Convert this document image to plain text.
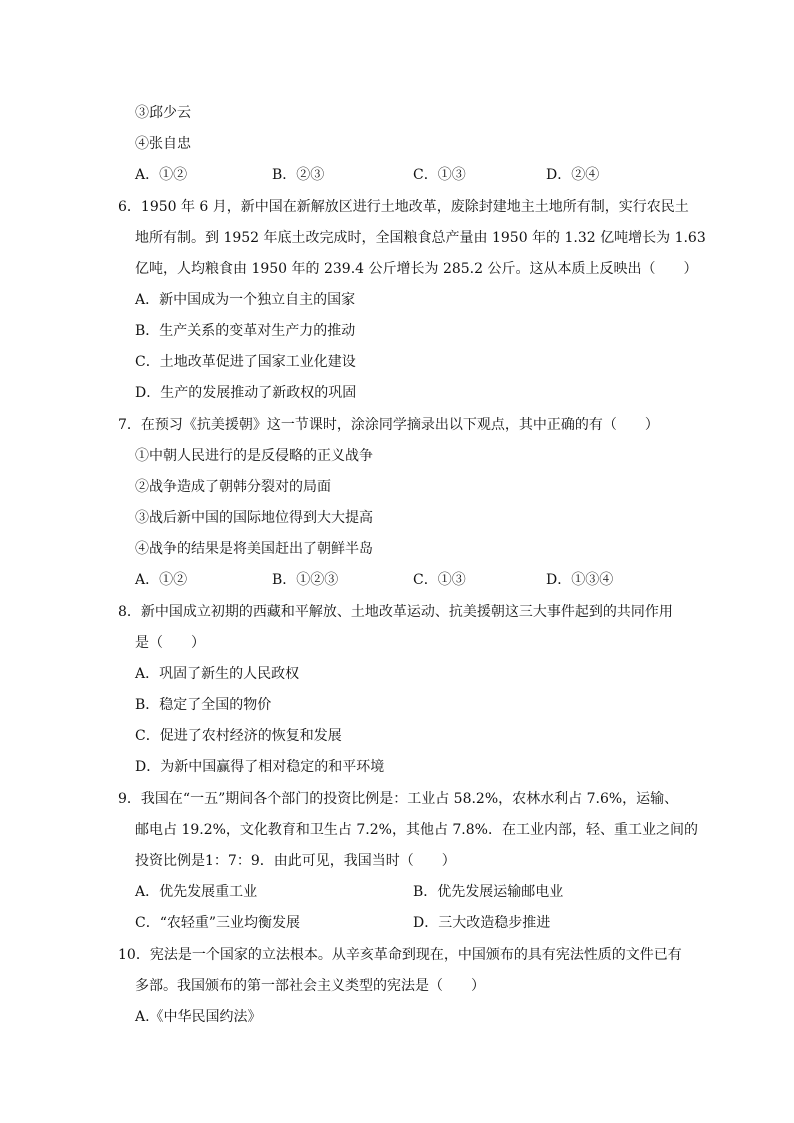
③邱少云
④张自忠
A．①②	B．②③	C．①③	D．②④
6．1950 年 6 月，新中国在新解放区进行土地改革，废除封建地主土地所有制，实行农民土
地所有制。到 1952 年底土改完成时，全国粮食总产量由 1950 年的 1.32 亿吨增长为 1.63
亿吨，人均粮食由 1950 年的 239.4 公斤增长为 285.2 公斤。这从本质上反映出（　　）
A．新中国成为一个独立自主的国家
B．生产关系的变革对生产力的推动
C．土地改革促进了国家工业化建设
D．生产的发展推动了新政权的巩固
7．在预习《抗美援朝》这一节课时，涂涂同学摘录出以下观点，其中正确的有（　　）
①中朝人民进行的是反侵略的正义战争
②战争造成了朝韩分裂对的局面
③战后新中国的国际地位得到大大提高
④战争的结果是将美国赶出了朝鲜半岛
A．①②	B．①②③	C．①③	D．①③④
8．新中国成立初期的西藏和平解放、土地改革运动、抗美援朝这三大事件起到的共同作用
是（　　）
A．巩固了新生的人民政权
B．稳定了全国的物价
C．促进了农村经济的恢复和发展
D．为新中国赢得了相对稳定的和平环境
9．我国在“一五”期间各个部门的投资比例是：工业占 58.2%，农林水利占 7.6%，运输、
邮电占 19.2%，文化教育和卫生占 7.2%，其他占 7.8%．在工业内部，轻、重工业之间的
投资比例是1：7：9．由此可见，我国当时（　　）
A．优先发展重工业	B．优先发展运输邮电业
C．“农轻重”三业均衡发展	D．三大改造稳步推进
10．宪法是一个国家的立法根本。从辛亥革命到现在，中国颁布的具有宪法性质的文件已有
多部。我国颁布的第一部社会主义类型的宪法是（　　）
A.《中华民国约法》
